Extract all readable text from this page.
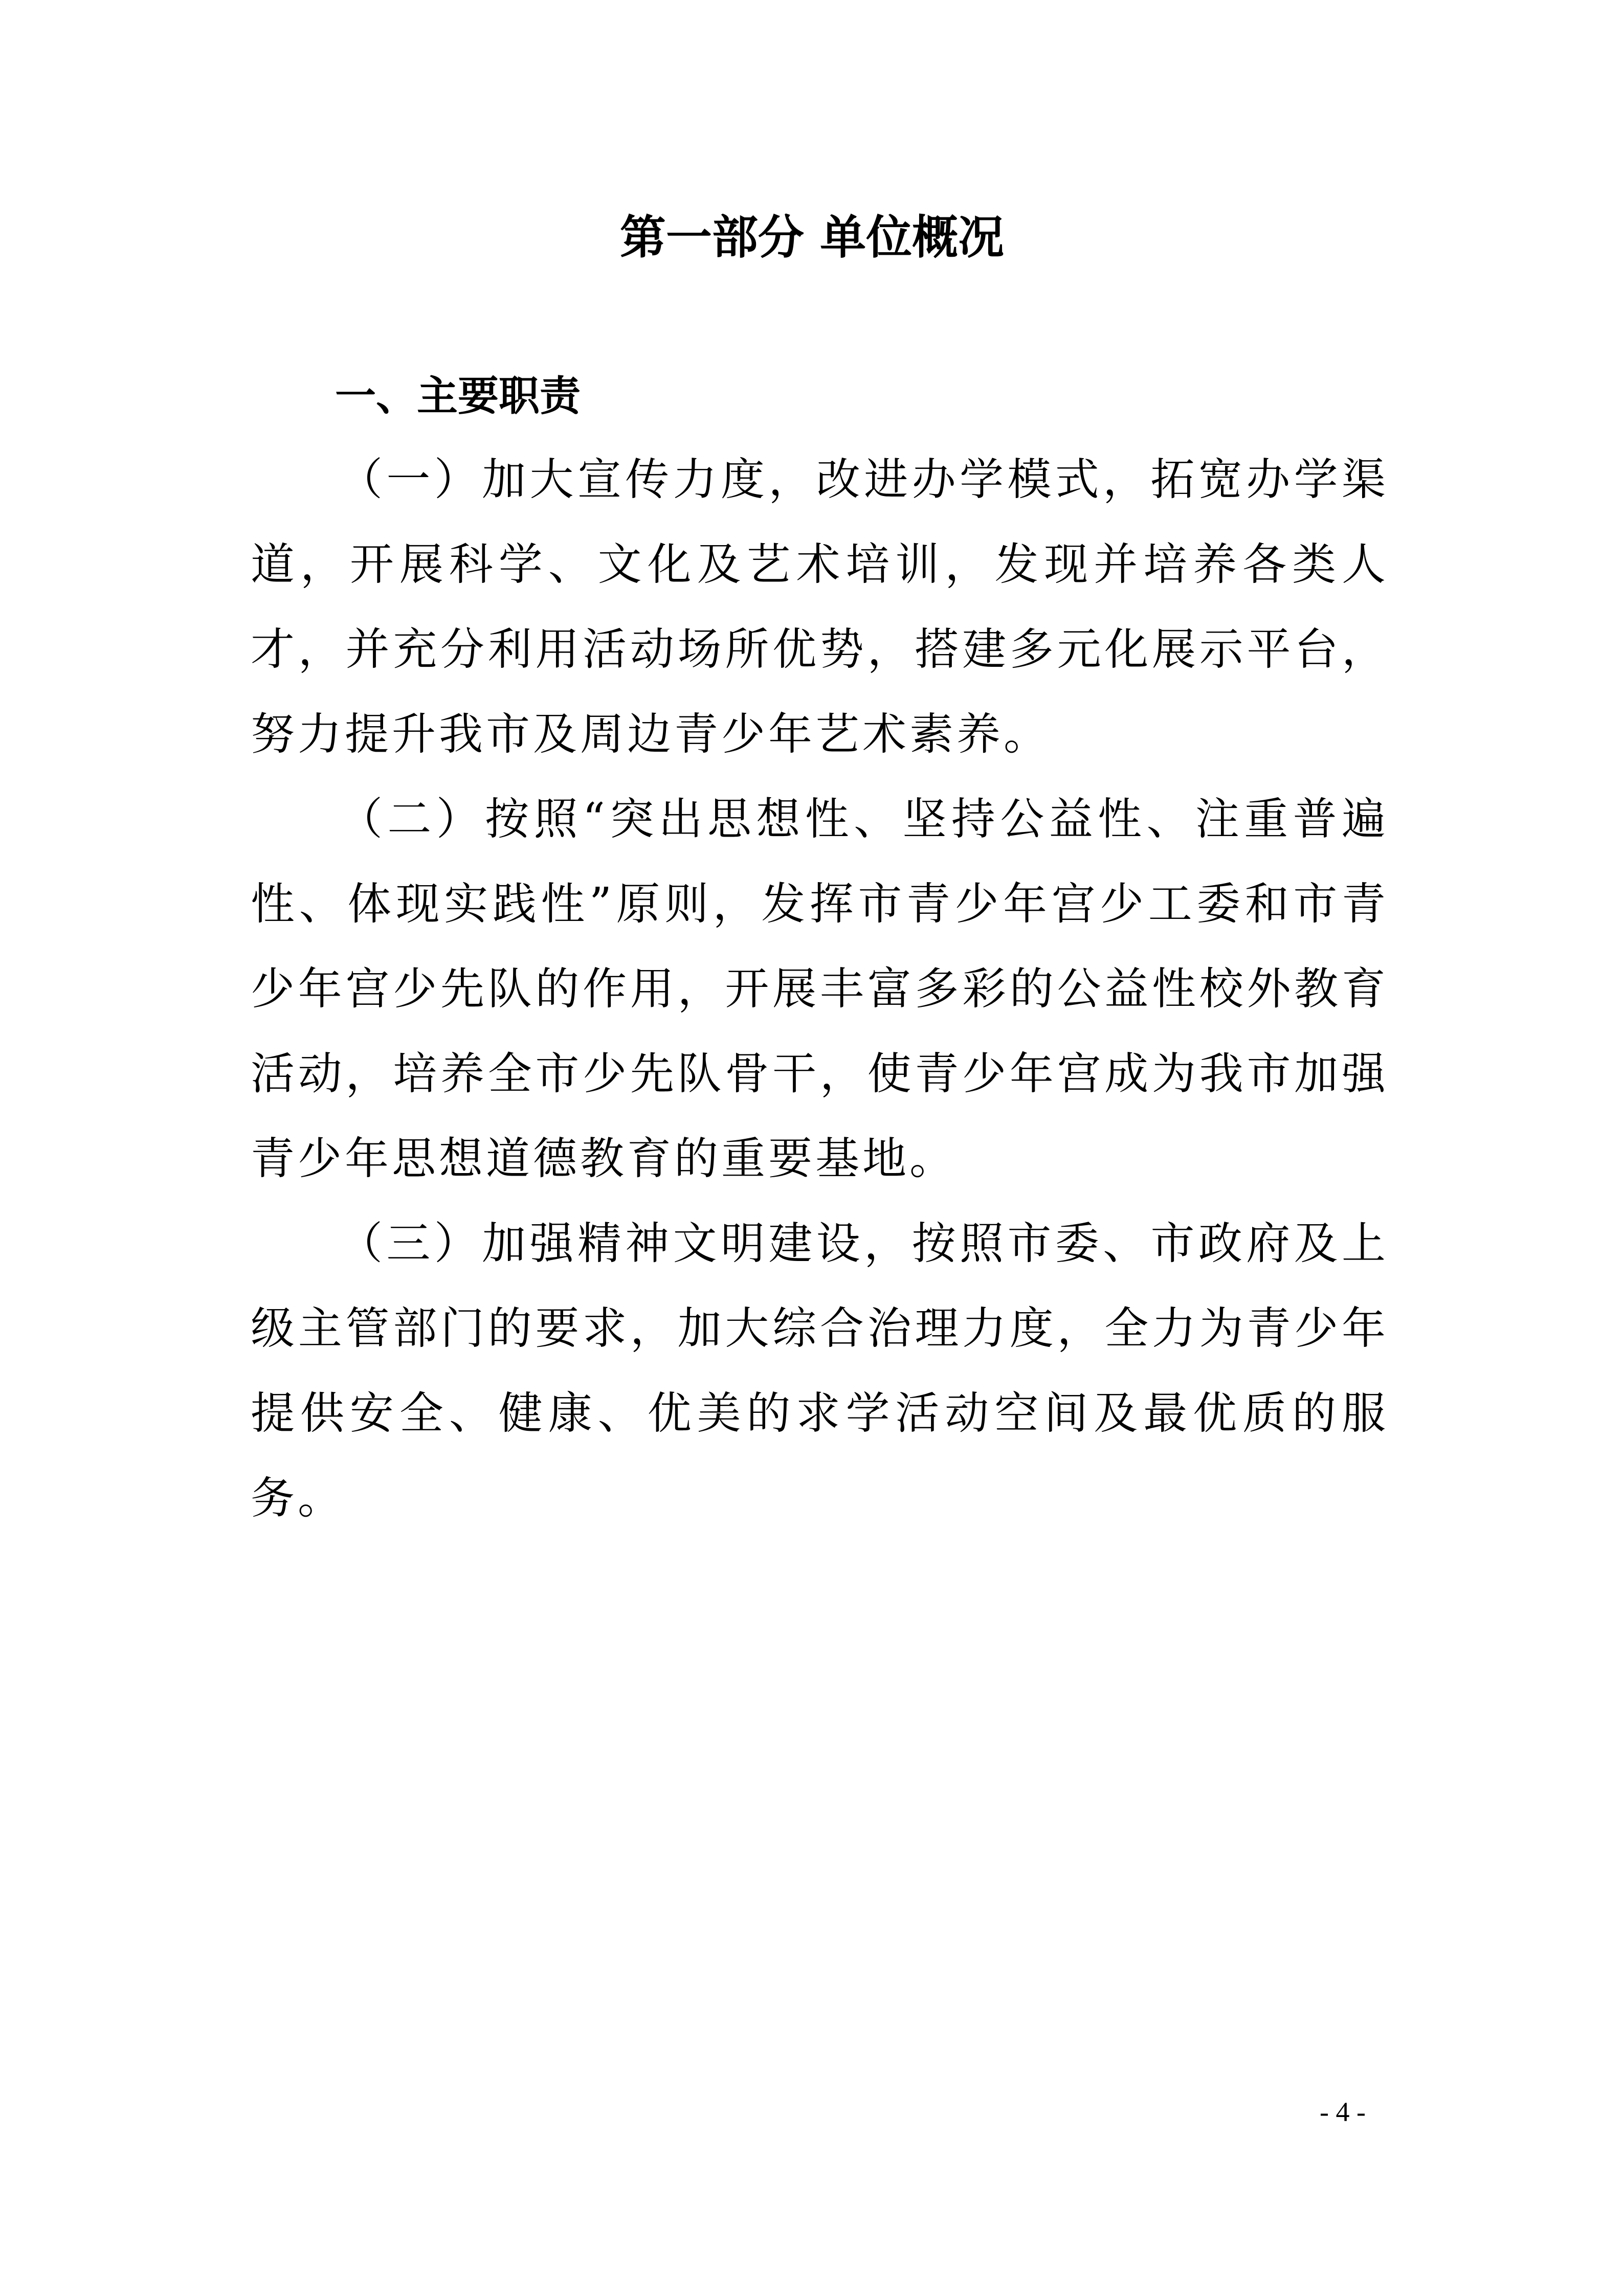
第一部分 单位概况
一、主要职责

（一）加大宣传力度，改进办学模式，拓宽办学渠道，开展科学、文化及艺术培训，发现并培养各类人才，并充分利用活动场所优势，搭建多元化展示平台，努力提升我市及周边青少年艺术素养。

（二）按照“突出思想性、坚持公益性、注重普遍性、体现实践性”原则，发挥市青少年宫少工委和市青少年宫少先队的作用，开展丰富多彩的公益性校外教育活动，培养全市少先队骨干，使青少年宫成为我市加强青少年思想道德教育的重要基地。

（三）加强精神文明建设，按照市委、市政府及上级主管部门的要求，加大综合治理力度，全力为青少年提供安全、健康、优美的求学活动空间及最优质的服务。

- 4 -
